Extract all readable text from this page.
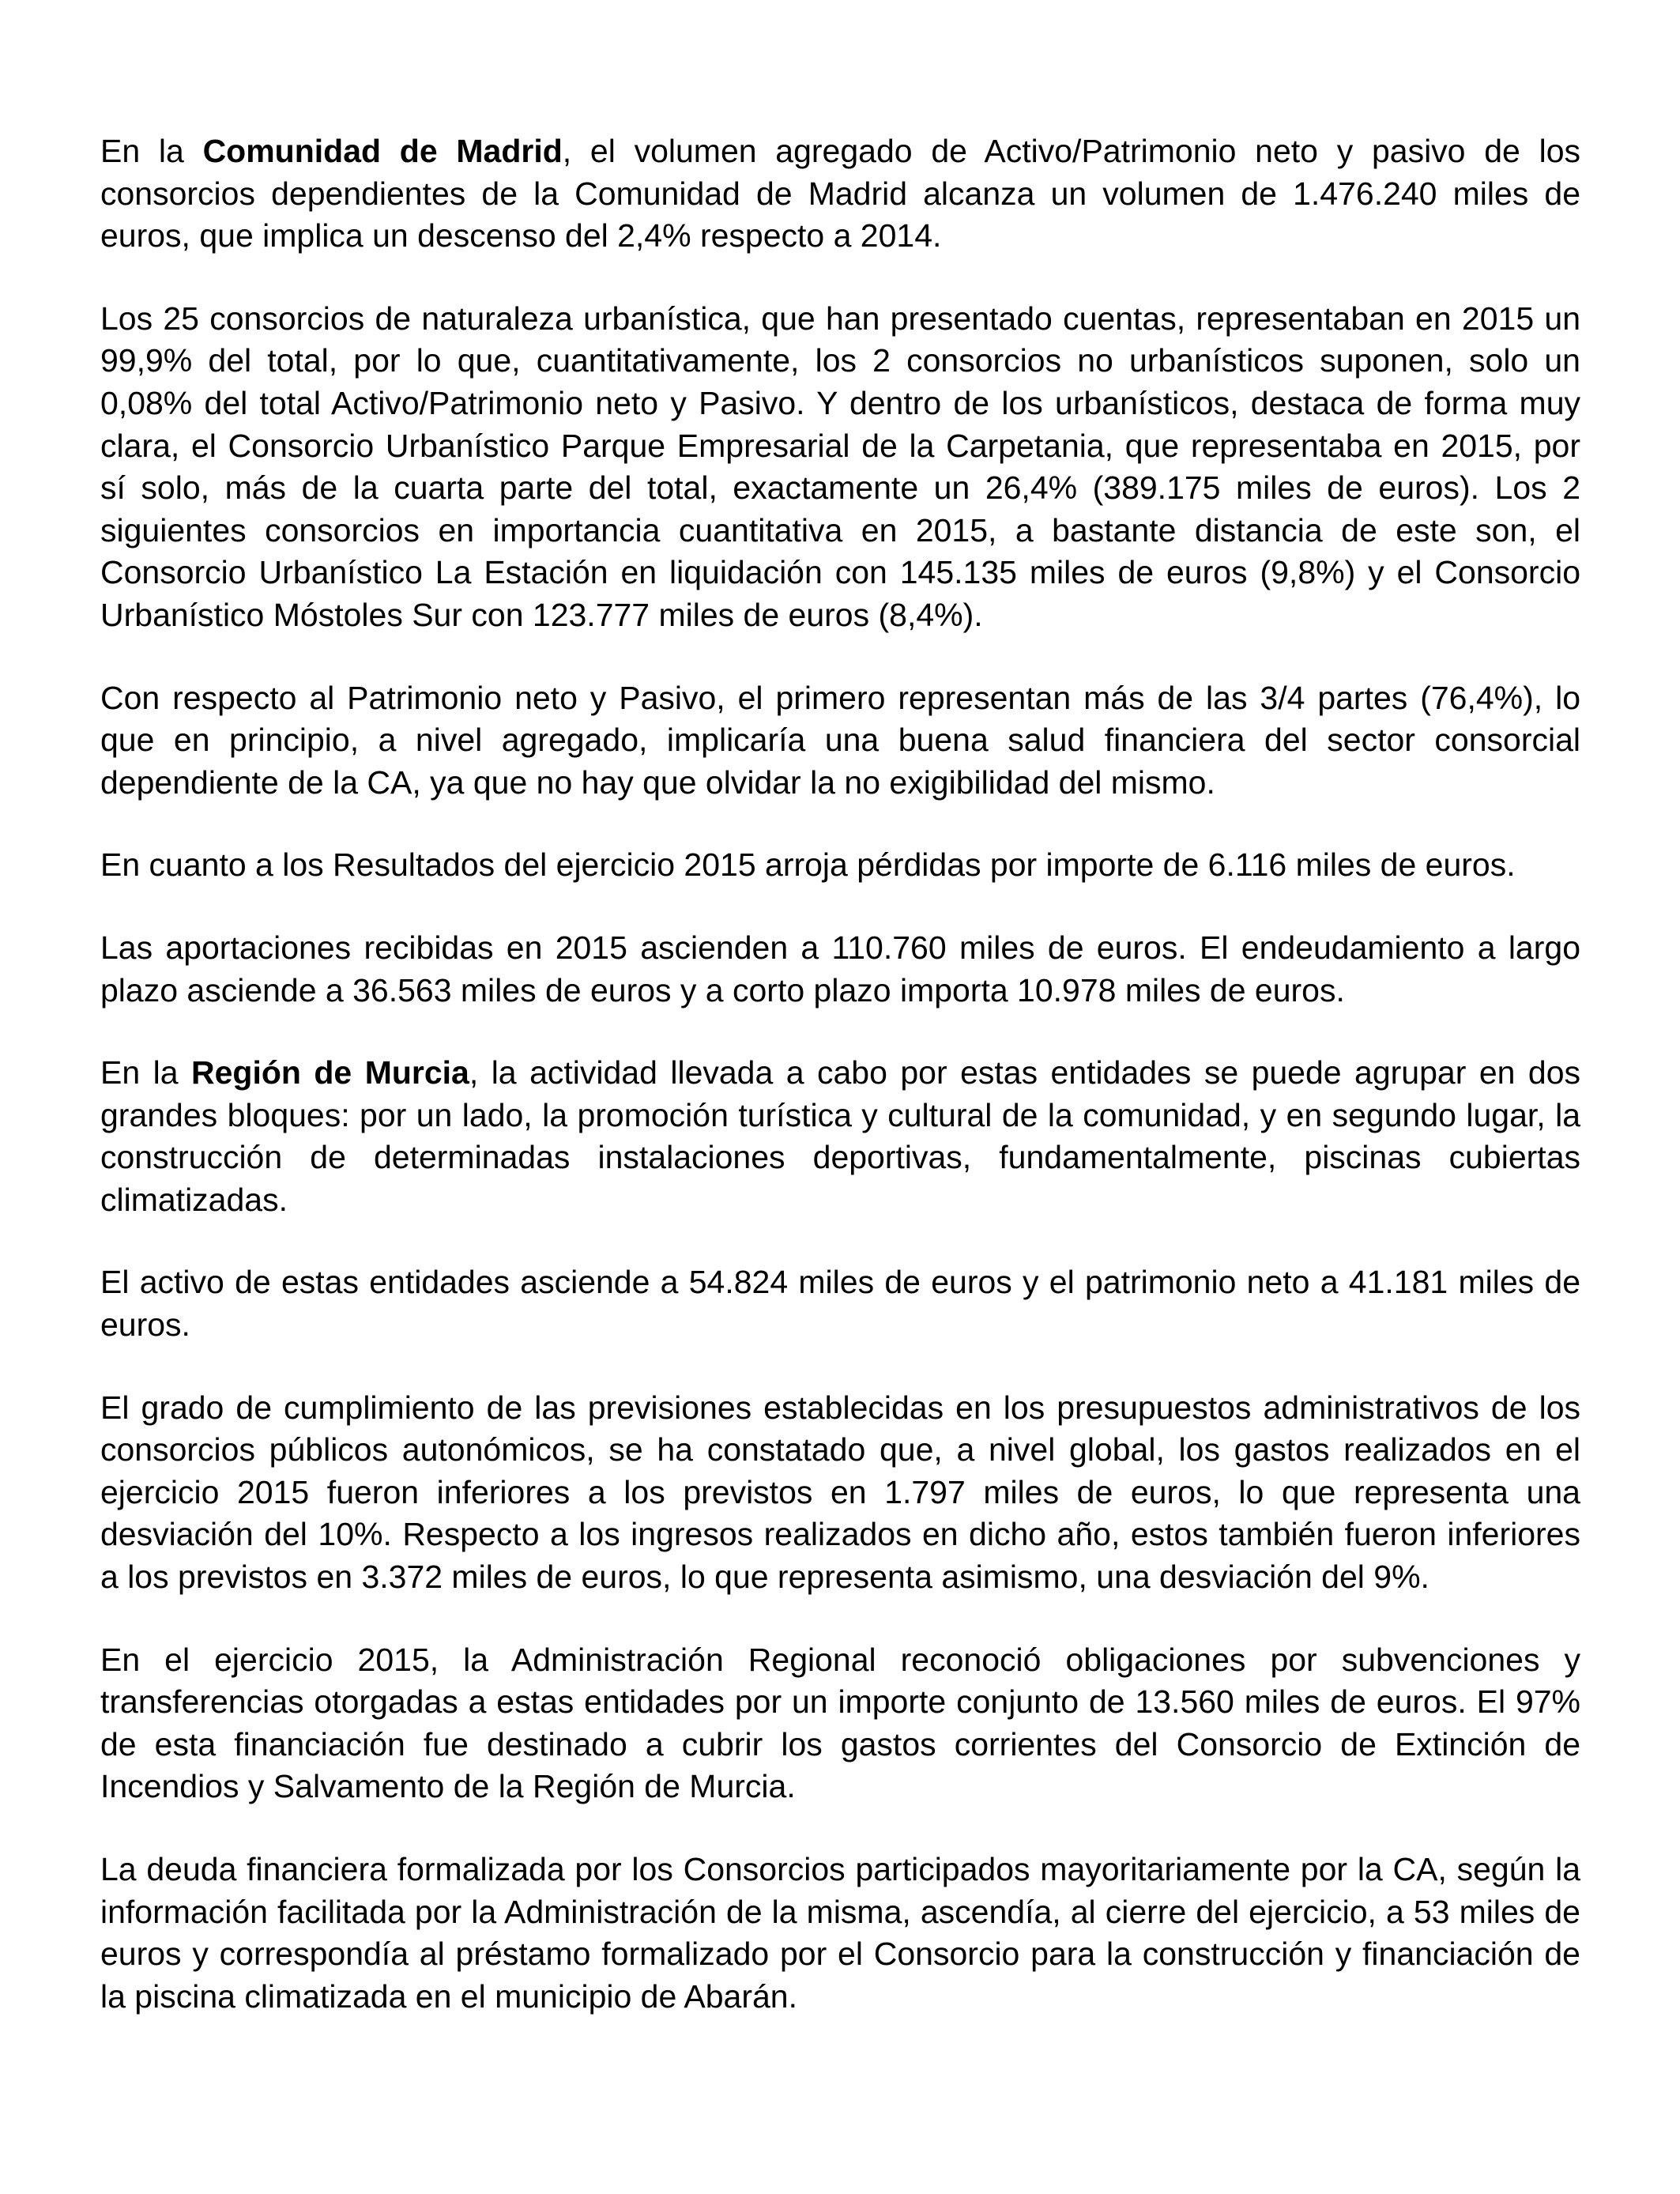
En la Comunidad de Madrid, el volumen agregado de Activo/Patrimonio neto y pasivo de los consorcios dependientes de la Comunidad de Madrid alcanza un volumen de 1.476.240 miles de euros, que implica un descenso del 2,4% respecto a 2014.

Los 25 consorcios de naturaleza urbanística, que han presentado cuentas, representaban en 2015 un 99,9% del total, por lo que, cuantitativamente, los 2 consorcios no urbanísticos suponen, solo un 0,08% del total Activo/Patrimonio neto y Pasivo. Y dentro de los urbanísticos, destaca de forma muy clara, el Consorcio Urbanístico Parque Empresarial de la Carpetania, que representaba en 2015, por sí solo, más de la cuarta parte del total, exactamente un 26,4% (389.175 miles de euros). Los 2 siguientes consorcios en importancia cuantitativa en 2015, a bastante distancia de este son, el Consorcio Urbanístico La Estación en liquidación con 145.135 miles de euros (9,8%) y el Consorcio Urbanístico Móstoles Sur con 123.777 miles de euros (8,4%).

Con respecto al Patrimonio neto y Pasivo, el primero representan más de las 3/4 partes (76,4%), lo que en principio, a nivel agregado, implicaría una buena salud financiera del sector consorcial dependiente de la CA, ya que no hay que olvidar la no exigibilidad del mismo.

En cuanto a los Resultados del ejercicio 2015 arroja pérdidas por importe de 6.116 miles de euros.

Las aportaciones recibidas en 2015 ascienden a 110.760 miles de euros. El endeudamiento a largo plazo asciende a 36.563 miles de euros y a corto plazo importa 10.978 miles de euros.

En la Región de Murcia, la actividad llevada a cabo por estas entidades se puede agrupar en dos grandes bloques: por un lado, la promoción turística y cultural de la comunidad, y en segundo lugar, la construcción de determinadas instalaciones deportivas, fundamentalmente, piscinas cubiertas climatizadas.

El activo de estas entidades asciende a 54.824 miles de euros y el patrimonio neto a 41.181 miles de euros.

El grado de cumplimiento de las previsiones establecidas en los presupuestos administrativos de los consorcios públicos autonómicos, se ha constatado que, a nivel global, los gastos realizados en el ejercicio 2015 fueron inferiores a los previstos en 1.797 miles de euros, lo que representa una desviación del 10%. Respecto a los ingresos realizados en dicho año, estos también fueron inferiores a los previstos en 3.372 miles de euros, lo que representa asimismo, una desviación del 9%.

En el ejercicio 2015, la Administración Regional reconoció obligaciones por subvenciones y transferencias otorgadas a estas entidades por un importe conjunto de 13.560 miles de euros. El 97% de esta financiación fue destinado a cubrir los gastos corrientes del Consorcio de Extinción de Incendios y Salvamento de la Región de Murcia.

La deuda financiera formalizada por los Consorcios participados mayoritariamente por la CA, según la información facilitada por la Administración de la misma, ascendía, al cierre del ejercicio, a 53 miles de euros y correspondía al préstamo formalizado por el Consorcio para la construcción y financiación de la piscina climatizada en el municipio de Abarán.
